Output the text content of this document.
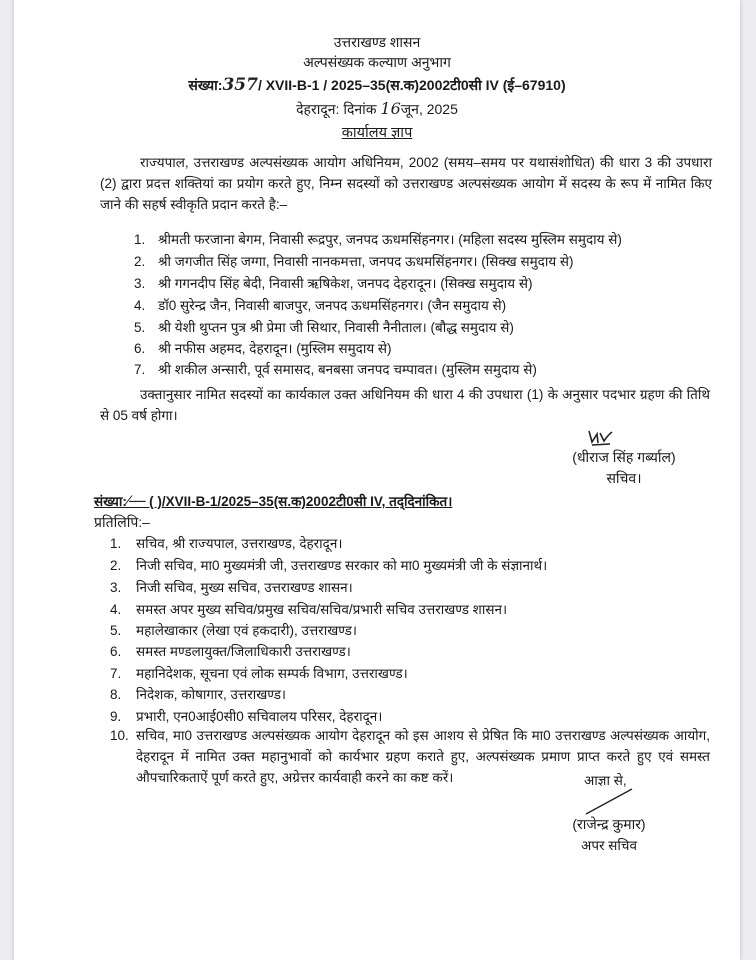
उत्तराखण्ड शासन
अल्पसंख्यक कल्याण अनुभाग
संख्या:357/ XVII-B-1 / 2025–35(स.क)2002टी0सी IV (ई–67910)
देहरादून: दिनांक 16जून, 2025
कार्यालय ज्ञाप
राज्यपाल, उत्तराखण्ड अल्पसंख्यक आयोग अधिनियम, 2002 (समय–समय पर यथासंशोधित) की धारा 3 की उपधारा (2) द्वारा प्रदत्त शक्तियां का प्रयोग करते हुए, निम्न सदस्यों को उत्तराखण्ड अल्पसंख्यक आयोग में सदस्य के रूप में नामित किए जाने की सहर्ष स्वीकृति प्रदान करते है:–
1. श्रीमती फरजाना बेगम, निवासी रूद्रपुर, जनपद ऊधमसिंहनगर। (महिला सदस्य मुस्लिम समुदाय से)
2. श्री जगजीत सिंह जग्गा, निवासी नानकमत्ता, जनपद ऊधमसिंहनगर। (सिक्ख समुदाय से)
3. श्री गगनदीप सिंह बेदी, निवासी ऋषिकेश, जनपद देहरादून। (सिक्ख समुदाय से)
4. डॉ0 सुरेन्द्र जैन, निवासी बाजपुर, जनपद ऊधमसिंहनगर। (जैन समुदाय से)
5. श्री येशी थुप्तन पुत्र श्री प्रेमा जी सिथार, निवासी नैनीताल। (बौद्ध समुदाय से)
6. श्री नफीस अहमद, देहरादून। (मुस्लिम समुदाय से)
7. श्री शकील अन्सारी, पूर्व समासद, बनबसा जनपद चम्पावत। (मुस्लिम समुदाय से)
उक्तानुसार नामित सदस्यों का कार्यकाल उक्त अधिनियम की धारा 4 की उपधारा (1) के अनुसार पदभार ग्रहण की तिथि से 05 वर्ष होगा।
(धीराज सिंह गर्ब्याल)
सचिव।
संख्या:⁄── ( )/XVII-B-1/2025–35(स.क)2002टी0सी IV, तद्‌दिनांकित।
प्रतिलिपि:–
1. सचिव, श्री राज्यपाल, उत्तराखण्ड, देहरादून।
2. निजी सचिव, मा0 मुख्यमंत्री जी, उत्तराखण्ड सरकार को मा0 मुख्यमंत्री जी के संज्ञानार्थ।
3. निजी सचिव, मुख्य सचिव, उत्तराखण्ड शासन।
4. समस्त अपर मुख्य सचिव/प्रमुख सचिव/सचिव/प्रभारी सचिव उत्तराखण्ड शासन।
5. महालेखाकार (लेखा एवं हकदारी), उत्तराखण्ड।
6. समस्त मण्डलायुक्त/जिलाधिकारी उत्तराखण्ड।
7. महानिदेशक, सूचना एवं लोक सम्पर्क विभाग, उत्तराखण्ड।
8. निदेशक, कोषागार, उत्तराखण्ड।
9. प्रभारी, एन0आई0सी0 सचिवालय परिसर, देहरादून।
10. सचिव, मा0 उत्तराखण्ड अल्पसंख्यक आयोग देहरादून को इस आशय से प्रेषित कि मा0 उत्तराखण्ड अल्पसंख्यक आयोग, देहरादून में नामित उक्त महानुभावों को कार्यभार ग्रहण कराते हुए, अल्पसंख्यक प्रमाण प्राप्त करते हुए एवं समस्त औपचारिकताऐं पूर्ण करते हुए, अग्रेत्तर कार्यवाही करने का कष्ट करें।	आज्ञा से,
(राजेन्द्र कुमार)
अपर सचिव
